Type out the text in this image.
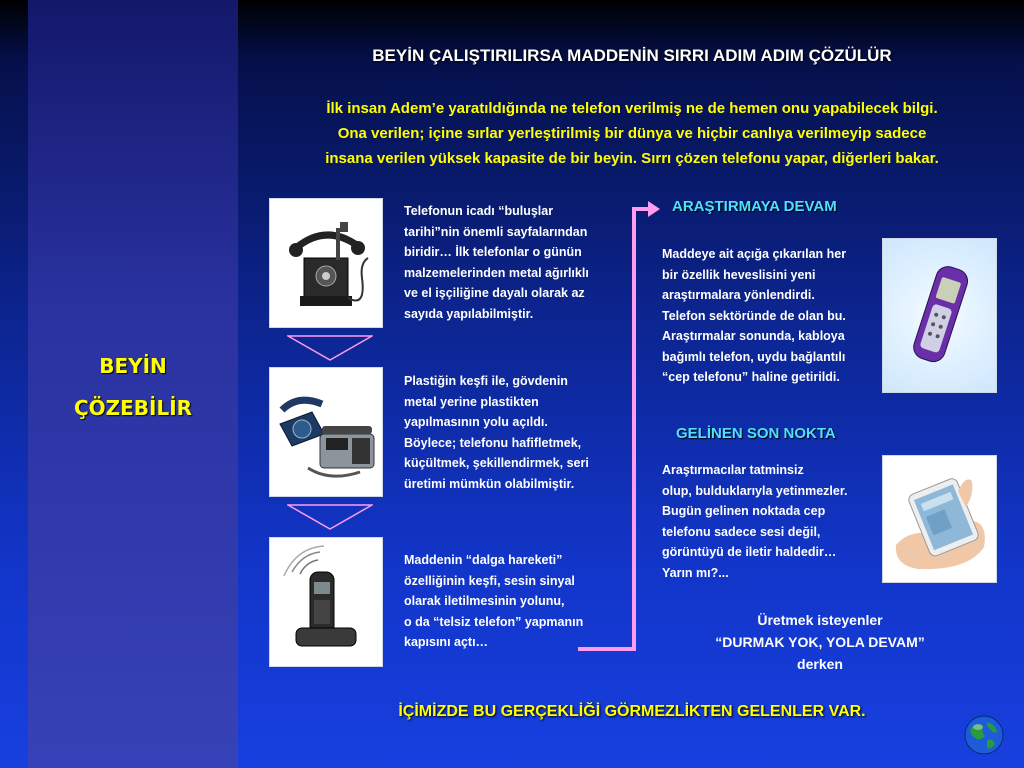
BEYİN
ÇÖZEBİLİR
BEYİN ÇALIŞTIRILIRSA MADDENİN SIRRI ADIM ADIM ÇÖZÜLÜR
İlk insan Adem’e yaratıldığında ne telefon verilmiş ne de hemen onu yapabilecek bilgi.
Ona verilen; içine sırlar yerleştirilmiş bir dünya ve hiçbir canlıya verilmeyip sadece
insana verilen yüksek kapasite de bir beyin. Sırrı çözen telefonu yapar, diğerleri bakar.
Telefonun icadı “buluşlar
tarihi”nin önemli sayfalarından
biridir… İlk telefonlar o günün
malzemelerinden metal ağırlıklı
ve el işçiliğine dayalı olarak az
sayıda yapılabilmiştir.
Plastiğin keşfi ile, gövdenin
metal yerine plastikten
yapılmasının yolu açıldı.
Böylece; telefonu hafifletmek,
küçültmek, şekillendirmek, seri
üretimi mümkün olabilmiştir.
Maddenin “dalga hareketi”
özelliğinin keşfi, sesin sinyal
olarak iletilmesinin yolunu,
o da “telsiz telefon” yapmanın
kapısını açtı…
ARAŞTIRMAYA DEVAM
Maddeye ait açığa çıkarılan her
bir özellik heveslisini yeni
araştırmalara yönlendirdi.
Telefon sektöründe de olan bu.
Araştırmalar sonunda, kabloya
bağımlı telefon, uydu bağlantılı
“cep telefonu” haline getirildi.
GELİNEN SON NOKTA
Araştırmacılar tatminsiz
olup, bulduklarıyla yetinmezler.
Bugün gelinen noktada cep
telefonu sadece sesi değil,
görüntüyü de iletir haldedir…
Yarın mı?...
Üretmek isteyenler
“DURMAK YOK, YOLA DEVAM”
derken
İÇİMİZDE BU GERÇEKLİĞİ GÖRMEZLİKTEN GELENLER VAR.
